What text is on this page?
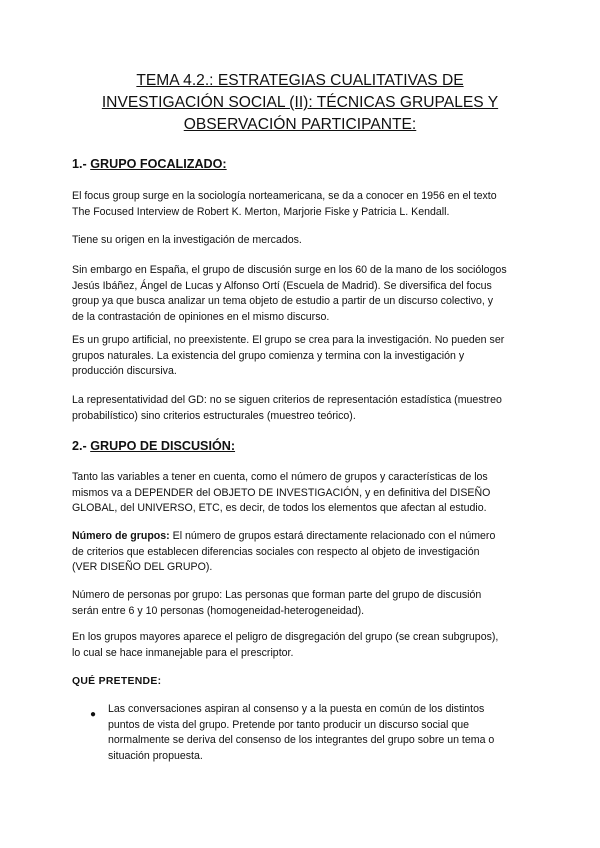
TEMA 4.2.: ESTRATEGIAS CUALITATIVAS DE
INVESTIGACIÓN SOCIAL (II): TÉCNICAS GRUPALES Y
OBSERVACIÓN PARTICIPANTE:
1.- GRUPO FOCALIZADO:
El focus group surge en la sociología norteamericana, se da a conocer en 1956 en el texto
The Focused Interview de Robert K. Merton, Marjorie Fiske y Patricia L. Kendall.
Tiene su origen en la investigación de mercados.
Sin embargo en España, el grupo de discusión surge en los 60 de la mano de los sociólogos
Jesús Ibáñez, Ángel de Lucas y Alfonso Ortí (Escuela de Madrid). Se diversifica del focus
group ya que busca analizar un tema objeto de estudio a partir de un discurso colectivo, y
de la contrastación de opiniones en el mismo discurso.
Es un grupo artificial, no preexistente. El grupo se crea para la investigación. No pueden ser
grupos naturales. La existencia del grupo comienza y termina con la investigación y
producción discursiva.
La representatividad del GD: no se siguen criterios de representación estadística (muestreo
probabilístico) sino criterios estructurales (muestreo teórico).
2.- GRUPO DE DISCUSIÓN:
Tanto las variables a tener en cuenta, como el número de grupos y características de los
mismos va a DEPENDER del OBJETO DE INVESTIGACIÓN, y en definitiva del DISEÑO
GLOBAL, del UNIVERSO, ETC, es decir, de todos los elementos que afectan al estudio.
Número de grupos: El número de grupos estará directamente relacionado con el número
de criterios que establecen diferencias sociales con respecto al objeto de investigación
(VER DISEÑO DEL GRUPO).
Número de personas por grupo: Las personas que forman parte del grupo de discusión
serán entre 6 y 10 personas (homogeneidad-heterogeneidad).
En los grupos mayores aparece el peligro de disgregación del grupo (se crean subgrupos),
lo cual se hace inmanejable para el prescriptor.
QUÉ PRETENDE:
● Las conversaciones aspiran al consenso y a la puesta en común de los distintos
puntos de vista del grupo. Pretende por tanto producir un discurso social que
normalmente se deriva del consenso de los integrantes del grupo sobre un tema o
situación propuesta.
